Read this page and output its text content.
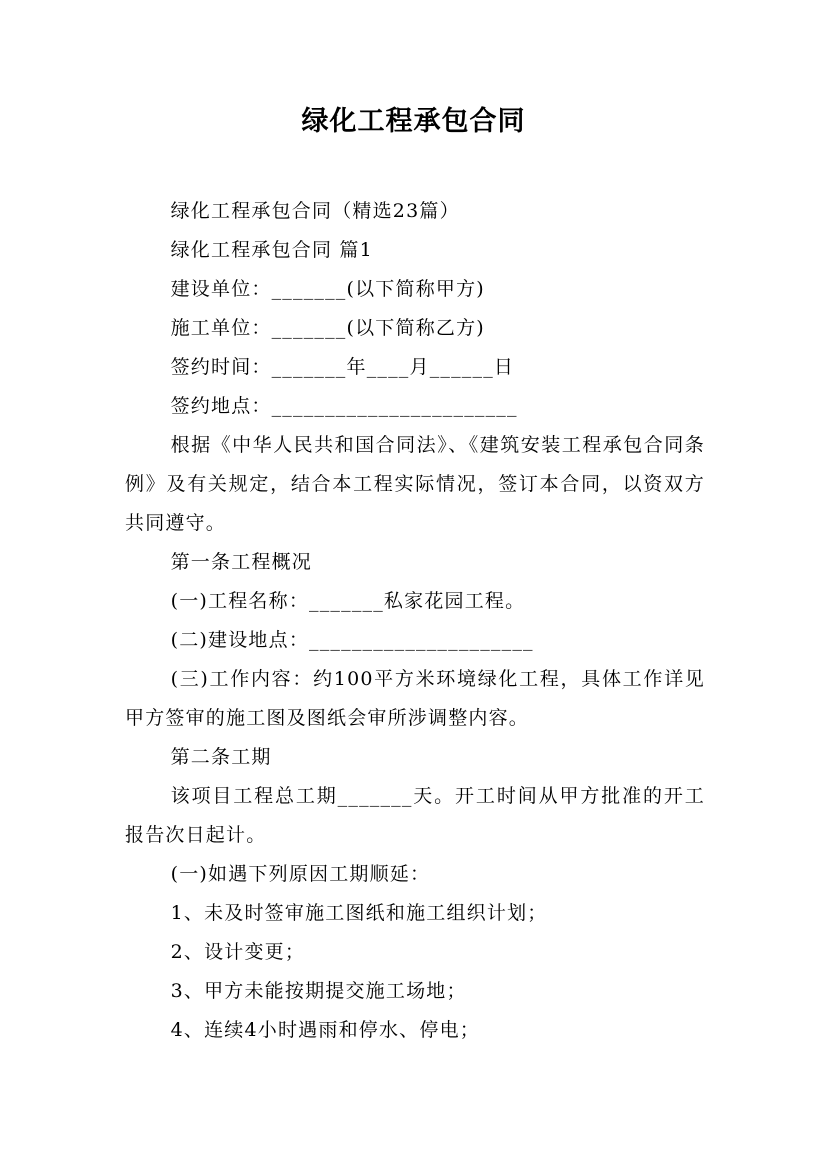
绿化工程承包合同

绿化工程承包合同（精选23篇）

绿化工程承包合同 篇1

建设单位：_______(以下简称甲方)

施工单位：_______(以下简称乙方)

签约时间：_______年____月______日

签约地点：_______________________

根据《中华人民共和国合同法》、《建筑安装工程承包合同条例》及有关规定，结合本工程实际情况，签订本合同，以资双方共同遵守。

第一条工程概况

(一)工程名称：_______私家花园工程。

(二)建设地点：_____________________

(三)工作内容：约100平方米环境绿化工程，具体工作详见甲方签审的施工图及图纸会审所涉调整内容。

第二条工期

该项目工程总工期_______天。开工时间从甲方批准的开工报告次日起计。

(一)如遇下列原因工期顺延：

1、未及时签审施工图纸和施工组织计划；

2、设计变更；

3、甲方未能按期提交施工场地；

4、连续4小时遇雨和停水、停电；
